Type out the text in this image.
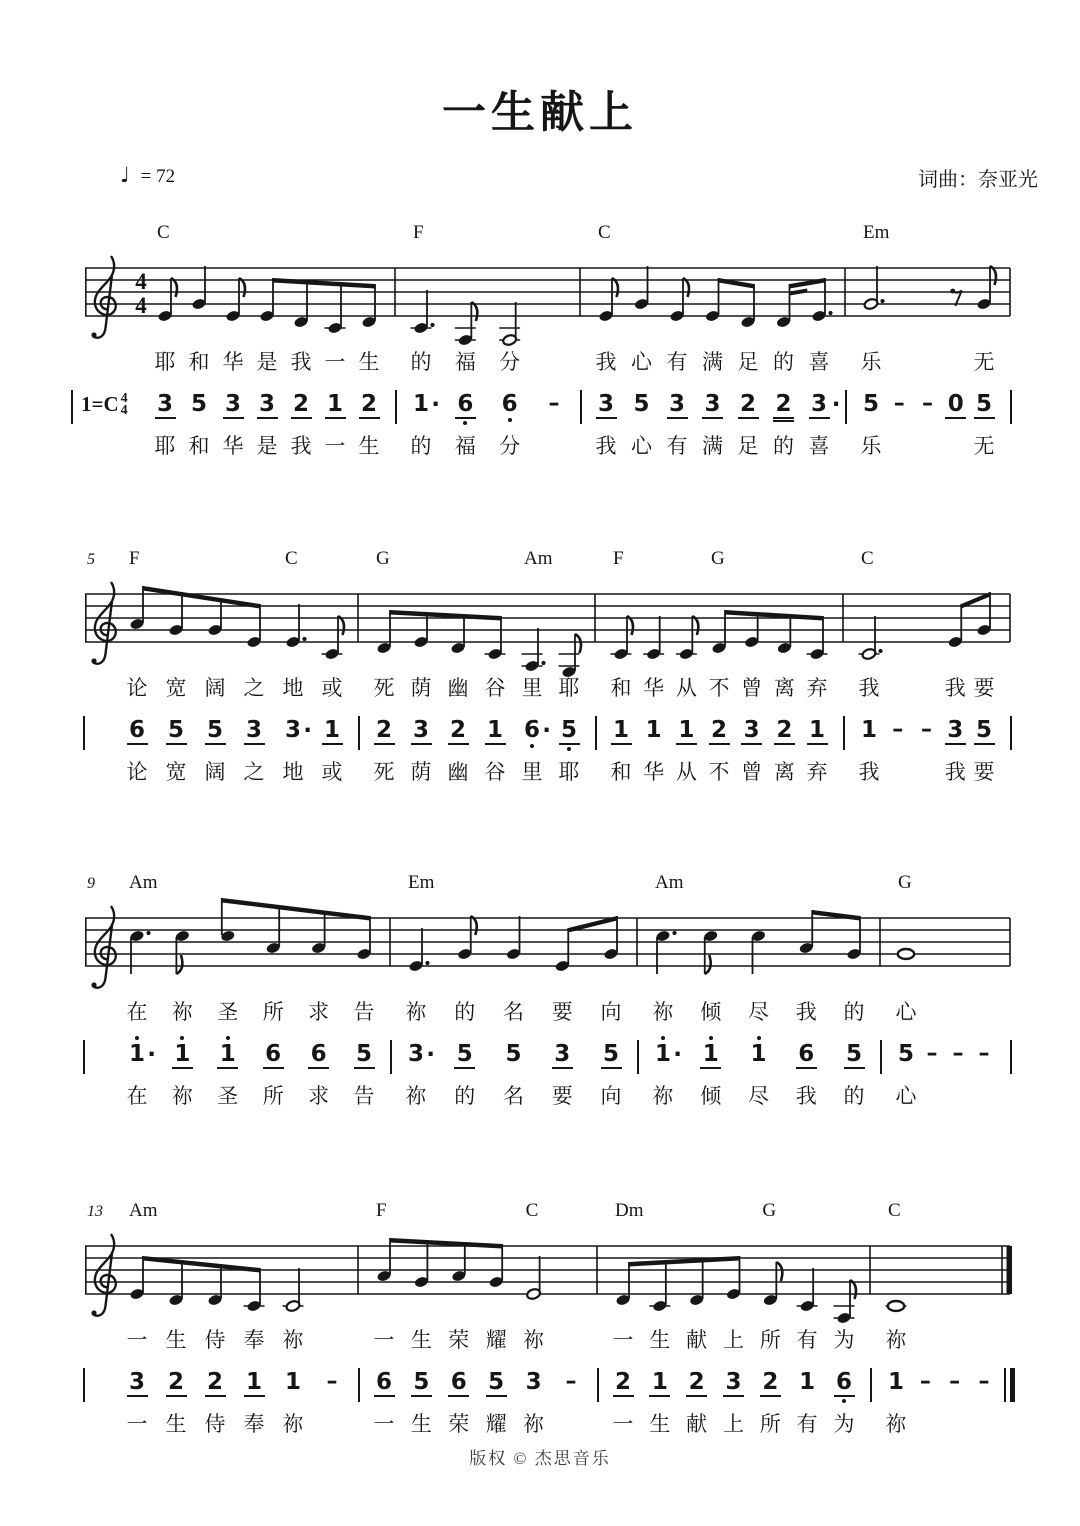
一生献上
♩ = 72	词曲：奈亚光
C	F	C	Em
4
4
耶 和 华 是 我 一 生 的 福 分	我 心 有 满 足 的 喜 乐	无
耶 和 华 是 我 一 生 的 福 分	我 心 有 满 足 的 喜 乐	无
1=C 4
4	3 5 3 3 2 1 2	1 · 6	6	–	3 5 3 3 2 2 3 · 5 – – 0 5
5 F	C	G	Am	F	G	C
论 宽 阔 之 地 或 死 荫 幽 谷 里 耶 和 华 从 不 曾 离 弃 我	我 要
论 宽 阔 之 地 或 死 荫 幽 谷 里 耶 和 华 从 不 曾 离 弃 我	我 要
6 5 5 3 3 · 1	2 3 2 1 6 · 5	1 1 1 2 3 2 1	1 – – 3 5
9 Am	Em	Am	G
在 祢 圣 所 求 告 祢 的 名 要 向 祢 倾 尽 我 的 心
在 祢 圣 所 求 告 祢 的 名 要 向 祢 倾 尽 我 的 心
1 · 1	1	6	6	5	3 · 5	5	3	5	1 · 1	1	6	5	5 – – –
13 Am	F	C	Dm	G	C
一 生 侍 奉 祢	一 生 荣 耀 祢	一 生 献 上 所 有 为 祢
一 生 侍 奉 祢	一 生 荣 耀 祢	一 生 献 上 所 有 为 祢
3 2 2 1 1	–	6 5 6 5 3	–	2 1 2 3 2 1 6	1 – – –
版权 © 杰思音乐
